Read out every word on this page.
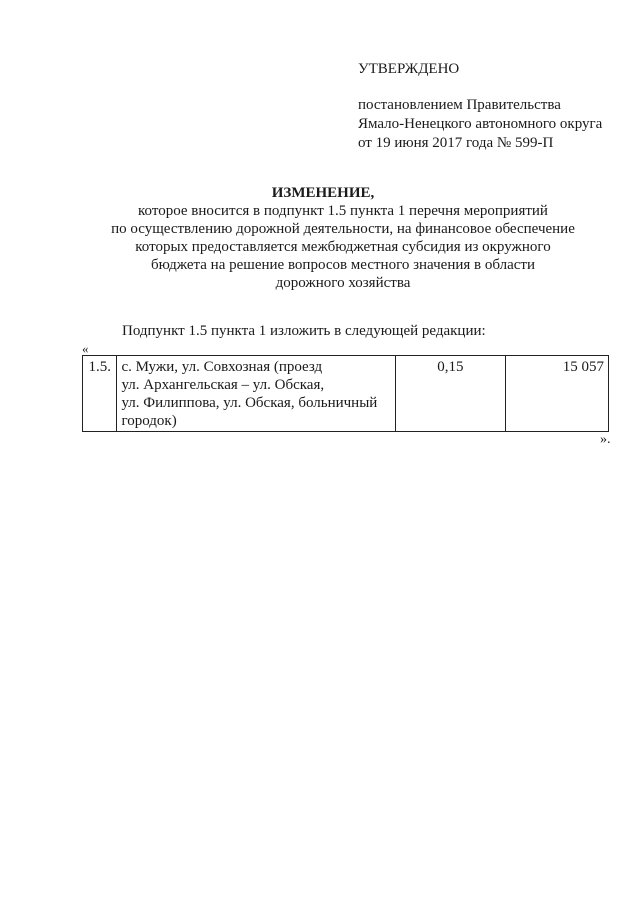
УТВЕРЖДЕНО
постановлением Правительства
Ямало-Ненецкого автономного округа
от 19 июня 2017 года № 599-П
ИЗМЕНЕНИЕ,
которое вносится в подпункт 1.5 пункта 1 перечня мероприятий
по осуществлению дорожной деятельности, на финансовое обеспечение
которых предоставляется межбюджетная субсидия из окружного
бюджета на решение вопросов местного значения в области
дорожного хозяйства
Подпункт 1.5 пункта 1 изложить в следующей редакции:
«
1.5.	с. Мужи, ул. Совхозная (проезд
ул. Архангельская – ул. Обская,
ул. Филиппова, ул. Обская, больничный
городок)
	0,15	15 057
».
